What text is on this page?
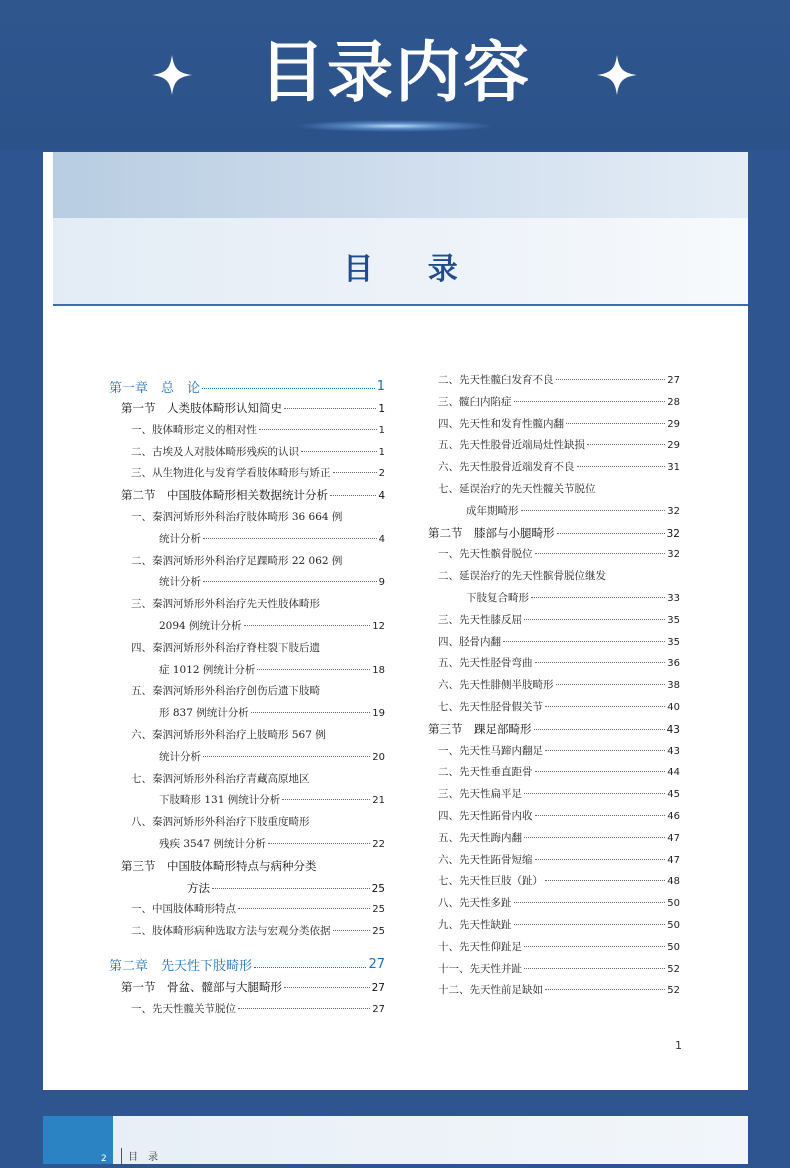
目录内容
目 录
第一章　总　论	1
第一节　人类肢体畸形认知简史	1
一、肢体畸形定义的相对性	1
二、古埃及人对肢体畸形残疾的认识	1
三、从生物进化与发育学看肢体畸形与矫正	2
第二节　中国肢体畸形相关数据统计分析	4
一、秦泗河矫形外科治疗肢体畸形 36 664 例
统计分析	4
二、秦泗河矫形外科治疗足踝畸形 22 062 例
统计分析	9
三、秦泗河矫形外科治疗先天性肢体畸形
2094 例统计分析	12
四、秦泗河矫形外科治疗脊柱裂下肢后遗
症 1012 例统计分析	18
五、秦泗河矫形外科治疗创伤后遗下肢畸
形 837 例统计分析	19
六、秦泗河矫形外科治疗上肢畸形 567 例
统计分析	20
七、秦泗河矫形外科治疗青藏高原地区
下肢畸形 131 例统计分析	21
八、秦泗河矫形外科治疗下肢重度畸形
残疾 3547 例统计分析	22
第三节　中国肢体畸形特点与病种分类
方法	25
一、中国肢体畸形特点	25
二、肢体畸形病种选取方法与宏观分类依据	25
第二章　先天性下肢畸形	27
第一节　骨盆、髋部与大腿畸形	27
一、先天性髋关节脱位	27
二、先天性髋臼发育不良	27
三、髋臼内陷症	28
四、先天性和发育性髋内翻	29
五、先天性股骨近端局灶性缺损	29
六、先天性股骨近端发育不良	31
七、延误治疗的先天性髋关节脱位
成年期畸形	32
第二节　膝部与小腿畸形	32
一、先天性髌骨脱位	32
二、延误治疗的先天性髌骨脱位继发
下肢复合畸形	33
三、先天性膝反屈	35
四、胫骨内翻	35
五、先天性胫骨弯曲	36
六、先天性腓侧半肢畸形	38
七、先天性胫骨假关节	40
第三节　踝足部畸形	43
一、先天性马蹄内翻足	43
二、先天性垂直距骨	44
三、先天性扁平足	45
四、先天性跖骨内收	46
五、先天性踇内翻	47
六、先天性跖骨短缩	47
七、先天性巨肢（趾）	48
八、先天性多趾	50
九、先天性缺趾	50
十、先天性仰趾足	50
十一、先天性并趾	52
十二、先天性前足缺如	52
1
2	目　录
